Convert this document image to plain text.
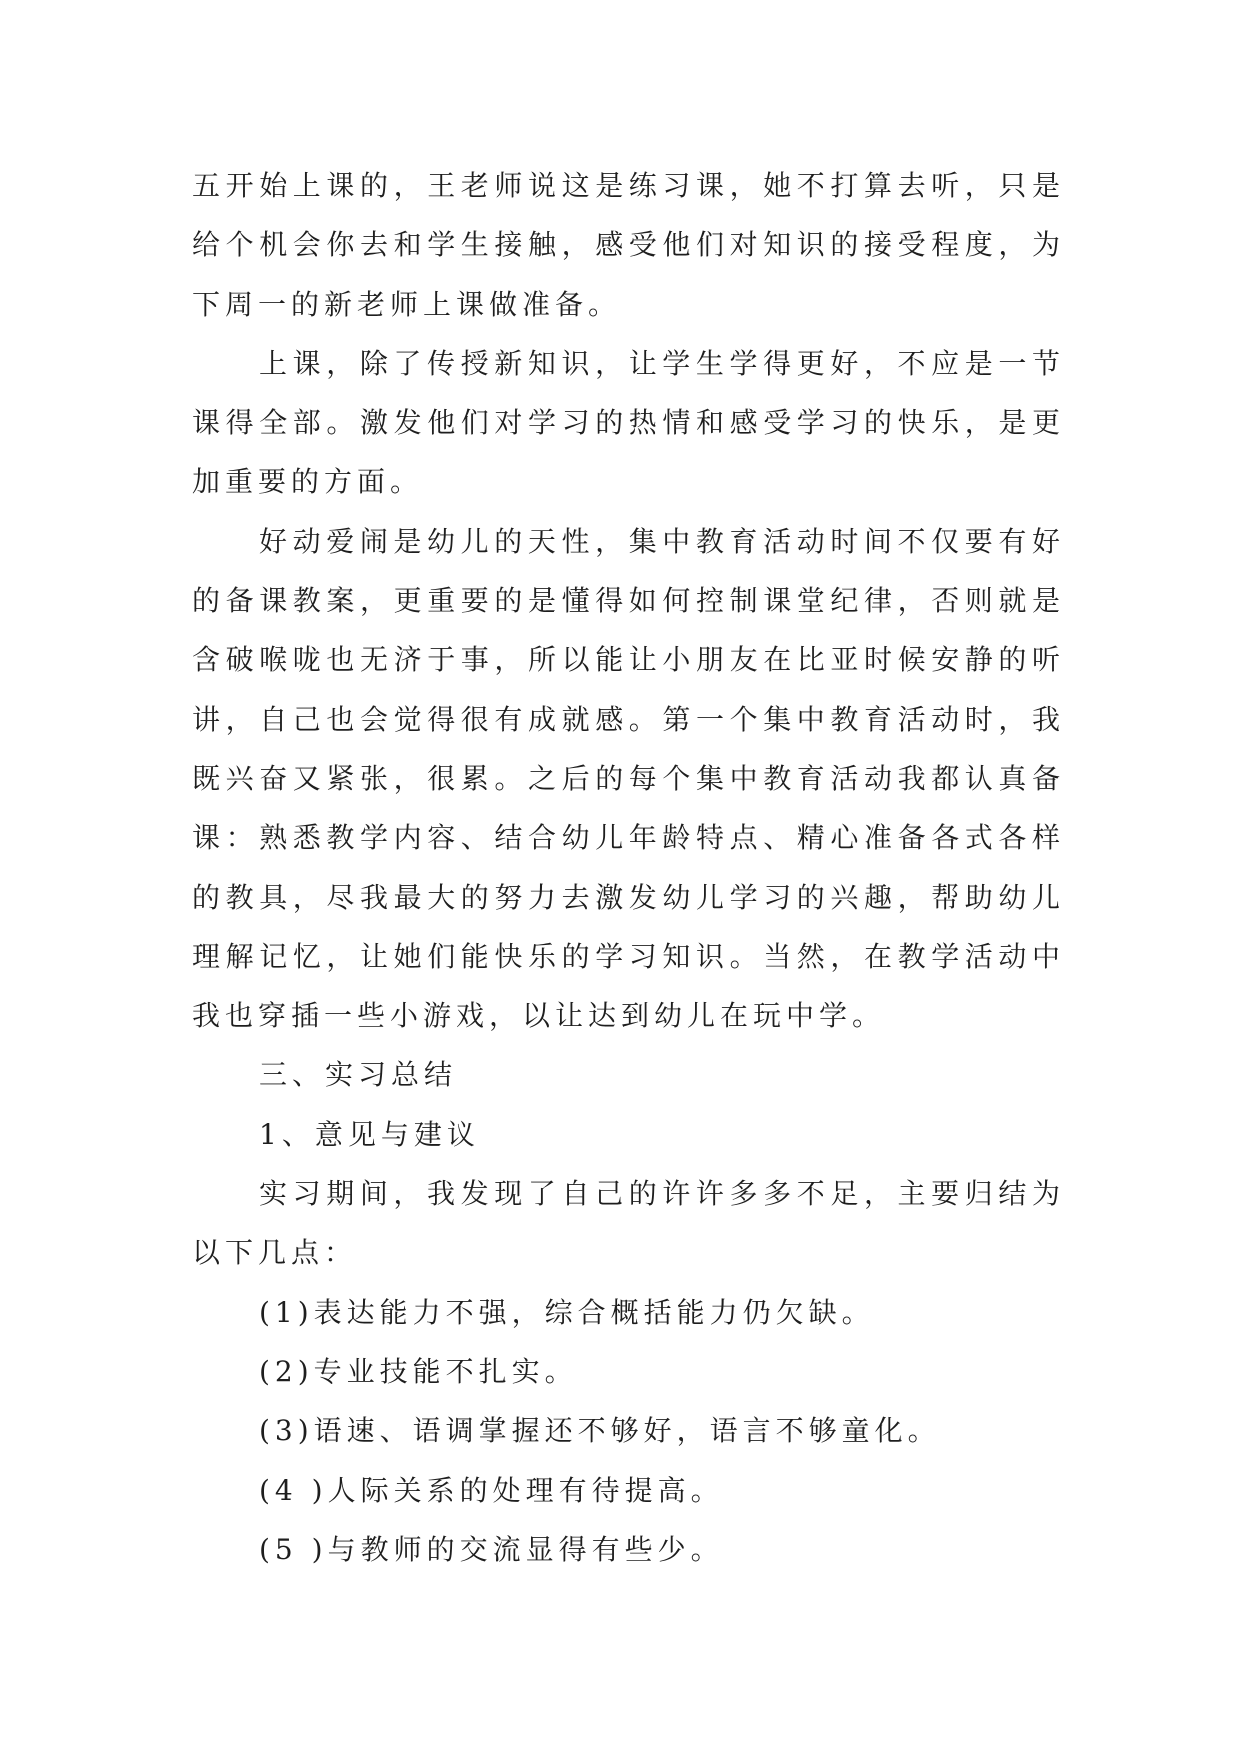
五开始上课的，王老师说这是练习课，她不打算去听，只是
给个机会你去和学生接触，感受他们对知识的接受程度，为
下周一的新老师上课做准备。
上课，除了传授新知识，让学生学得更好，不应是一节
课得全部。激发他们对学习的热情和感受学习的快乐，是更
加重要的方面。
好动爱闹是幼儿的天性，集中教育活动时间不仅要有好
的备课教案，更重要的是懂得如何控制课堂纪律，否则就是
含破喉咙也无济于事，所以能让小朋友在比亚时候安静的听
讲，自己也会觉得很有成就感。第一个集中教育活动时，我
既兴奋又紧张，很累。之后的每个集中教育活动我都认真备
课：熟悉教学内容、结合幼儿年龄特点、精心准备各式各样
的教具，尽我最大的努力去激发幼儿学习的兴趣，帮助幼儿
理解记忆，让她们能快乐的学习知识。当然，在教学活动中
我也穿插一些小游戏，以让达到幼儿在玩中学。
三、实习总结
1、意见与建议
实习期间，我发现了自己的许许多多不足，主要归结为
以下几点：
(1)表达能力不强，综合概括能力仍欠缺。
(2)专业技能不扎实。
(3)语速、语调掌握还不够好，语言不够童化。
(4 )人际关系的处理有待提高。
(5 )与教师的交流显得有些少。
